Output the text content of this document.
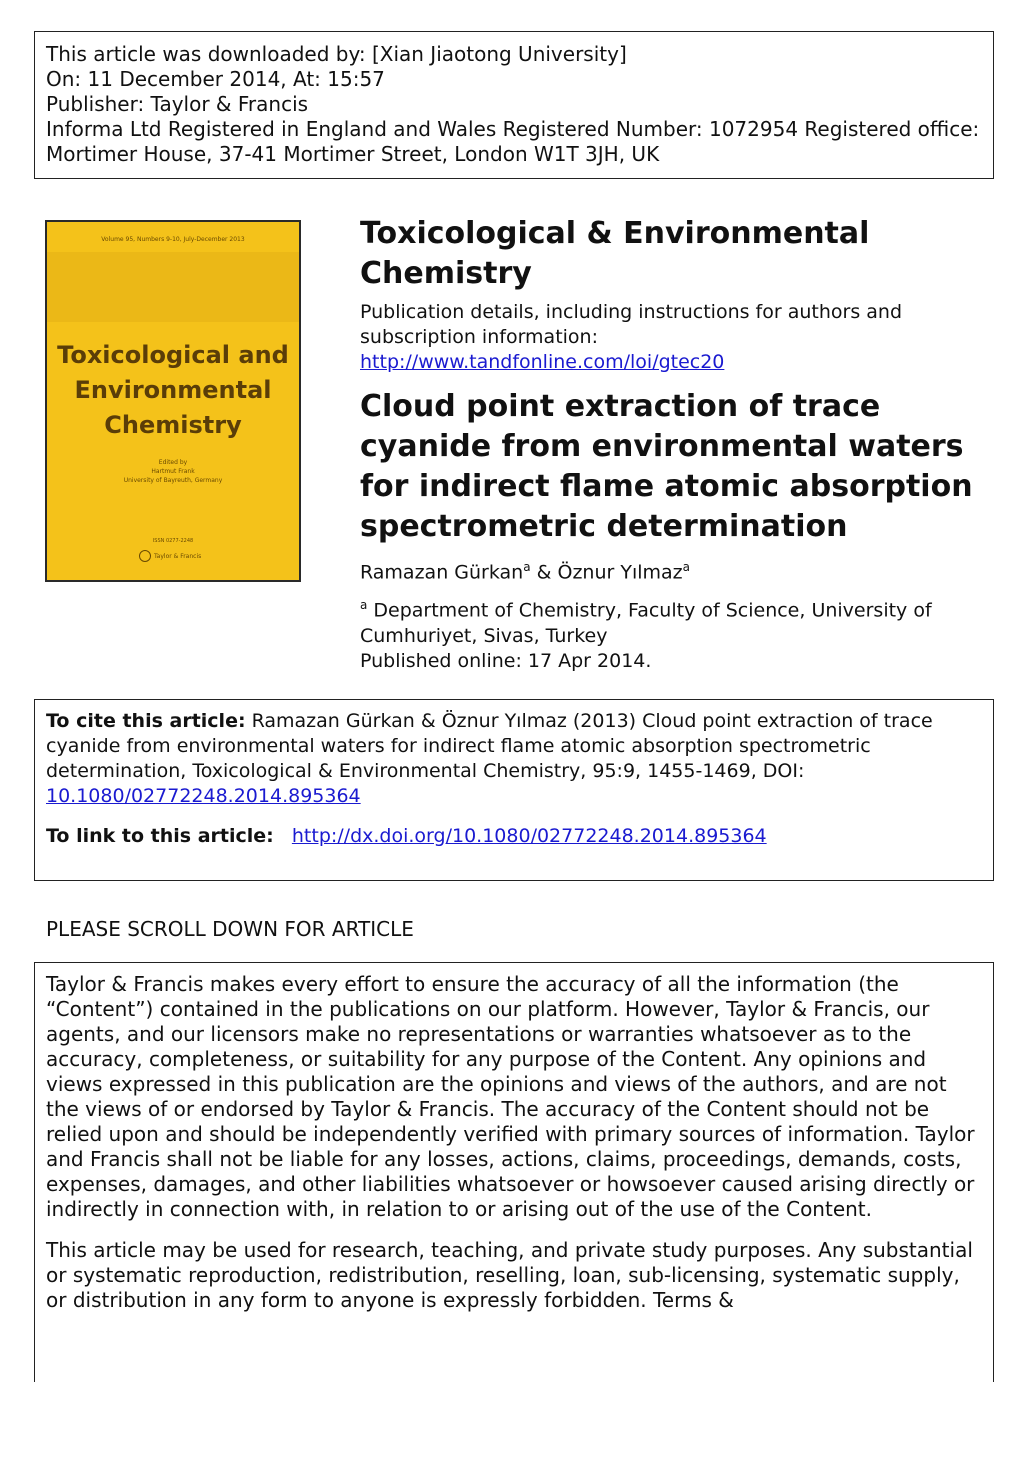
This article was downloaded by: [Xian Jiaotong University]
On: 11 December 2014, At: 15:57
Publisher: Taylor & Francis
Informa Ltd Registered in England and Wales Registered Number: 1072954 Registered office: Mortimer House, 37-41 Mortimer Street, London W1T 3JH, UK
Volume 95, Numbers 9-10, July-December 2013
Toxicological and
Environmental
Chemistry
Edited by
Hartmut Frank
University of Bayreuth, Germany
ISSN 0277-2248
Taylor & Francis
Toxicological & Environmental Chemistry
Publication details, including instructions for authors and subscription information:
http://www.tandfonline.com/loi/gtec20
Cloud point extraction of trace cyanide from environmental waters for indirect flame atomic absorption spectrometric determination
Ramazan Gürkan$^a$ & Öznur Yılmaz$^a$
$^a$ Department of Chemistry, Faculty of Science, University of Cumhuriyet, Sivas, Turkey
Published online: 17 Apr 2014.
To cite this article: Ramazan Gürkan & Öznur Yılmaz (2013) Cloud point extraction of trace cyanide from environmental waters for indirect flame atomic absorption spectrometric determination, Toxicological & Environmental Chemistry, 95:9, 1455-1469, DOI:
10.1080/02772248.2014.895364
To link to this article: http://dx.doi.org/10.1080/02772248.2014.895364
PLEASE SCROLL DOWN FOR ARTICLE

Taylor & Francis makes every effort to ensure the accuracy of all the information (the “Content”) contained in the publications on our platform. However, Taylor & Francis, our agents, and our licensors make no representations or warranties whatsoever as to the accuracy, completeness, or suitability for any purpose of the Content. Any opinions and views expressed in this publication are the opinions and views of the authors, and are not the views of or endorsed by Taylor & Francis. The accuracy of the Content should not be relied upon and should be independently verified with primary sources of information. Taylor and Francis shall not be liable for any losses, actions, claims, proceedings, demands, costs, expenses, damages, and other liabilities whatsoever or howsoever caused arising directly or indirectly in connection with, in relation to or arising out of the use of the Content.

This article may be used for research, teaching, and private study purposes. Any substantial or systematic reproduction, redistribution, reselling, loan, sub-licensing, systematic supply, or distribution in any form to anyone is expressly forbidden. Terms &
